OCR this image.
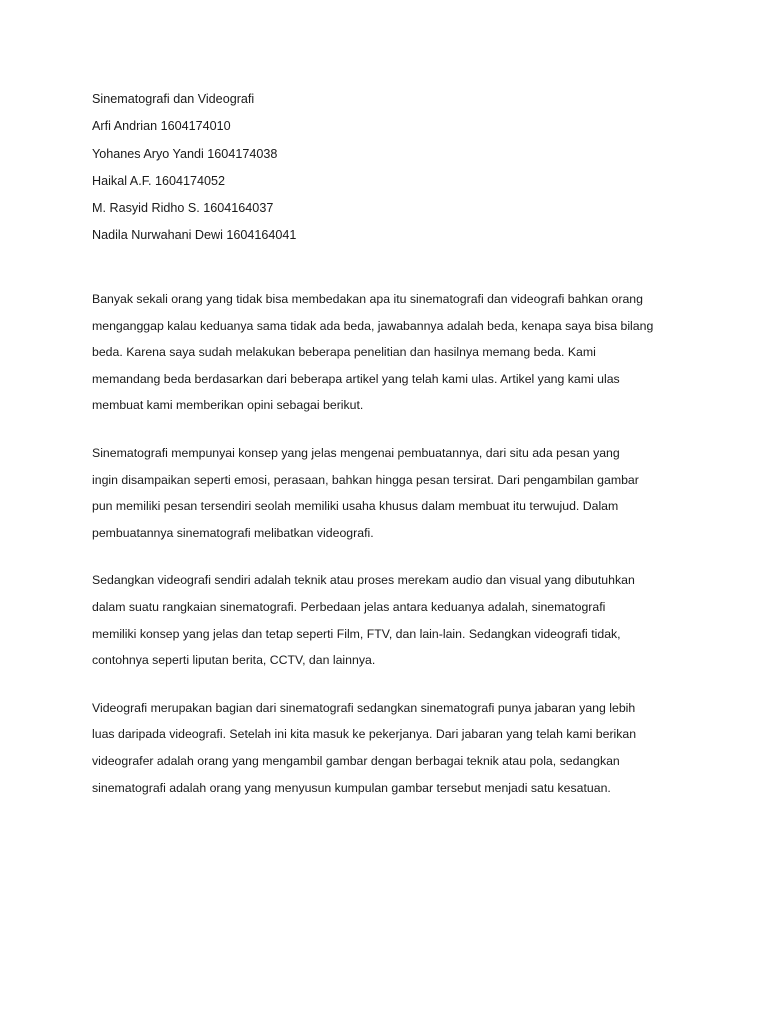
Sinematografi dan Videografi
Arfi Andrian 1604174010
Yohanes Aryo Yandi 1604174038
Haikal A.F. 1604174052
M. Rasyid Ridho S. 1604164037
Nadila Nurwahani Dewi 1604164041
Banyak sekali orang yang tidak bisa membedakan apa itu sinematografi dan videografi bahkan orang
menganggap kalau keduanya sama tidak ada beda, jawabannya adalah beda, kenapa saya bisa bilang
beda. Karena saya sudah melakukan beberapa penelitian dan hasilnya memang beda. Kami
memandang beda berdasarkan dari beberapa artikel yang telah kami ulas. Artikel yang kami ulas
membuat kami memberikan opini sebagai berikut.
Sinematografi mempunyai konsep yang jelas mengenai pembuatannya, dari situ ada pesan yang
ingin disampaikan seperti emosi, perasaan, bahkan hingga pesan tersirat. Dari pengambilan gambar
pun memiliki pesan tersendiri seolah memiliki usaha khusus dalam membuat itu terwujud. Dalam
pembuatannya sinematografi melibatkan videografi.
Sedangkan videografi sendiri adalah teknik atau proses merekam audio dan visual yang dibutuhkan
dalam suatu rangkaian sinematografi. Perbedaan jelas antara keduanya adalah, sinematografi
memiliki konsep yang jelas dan tetap seperti Film, FTV, dan lain-lain. Sedangkan videografi tidak,
contohnya seperti liputan berita, CCTV, dan lainnya.
Videografi merupakan bagian dari sinematografi sedangkan sinematografi punya jabaran yang lebih
luas daripada videografi. Setelah ini kita masuk ke pekerjanya. Dari jabaran yang telah kami berikan
videografer adalah orang yang mengambil gambar dengan berbagai teknik atau pola, sedangkan
sinematografi adalah orang yang menyusun kumpulan gambar tersebut menjadi satu kesatuan.
